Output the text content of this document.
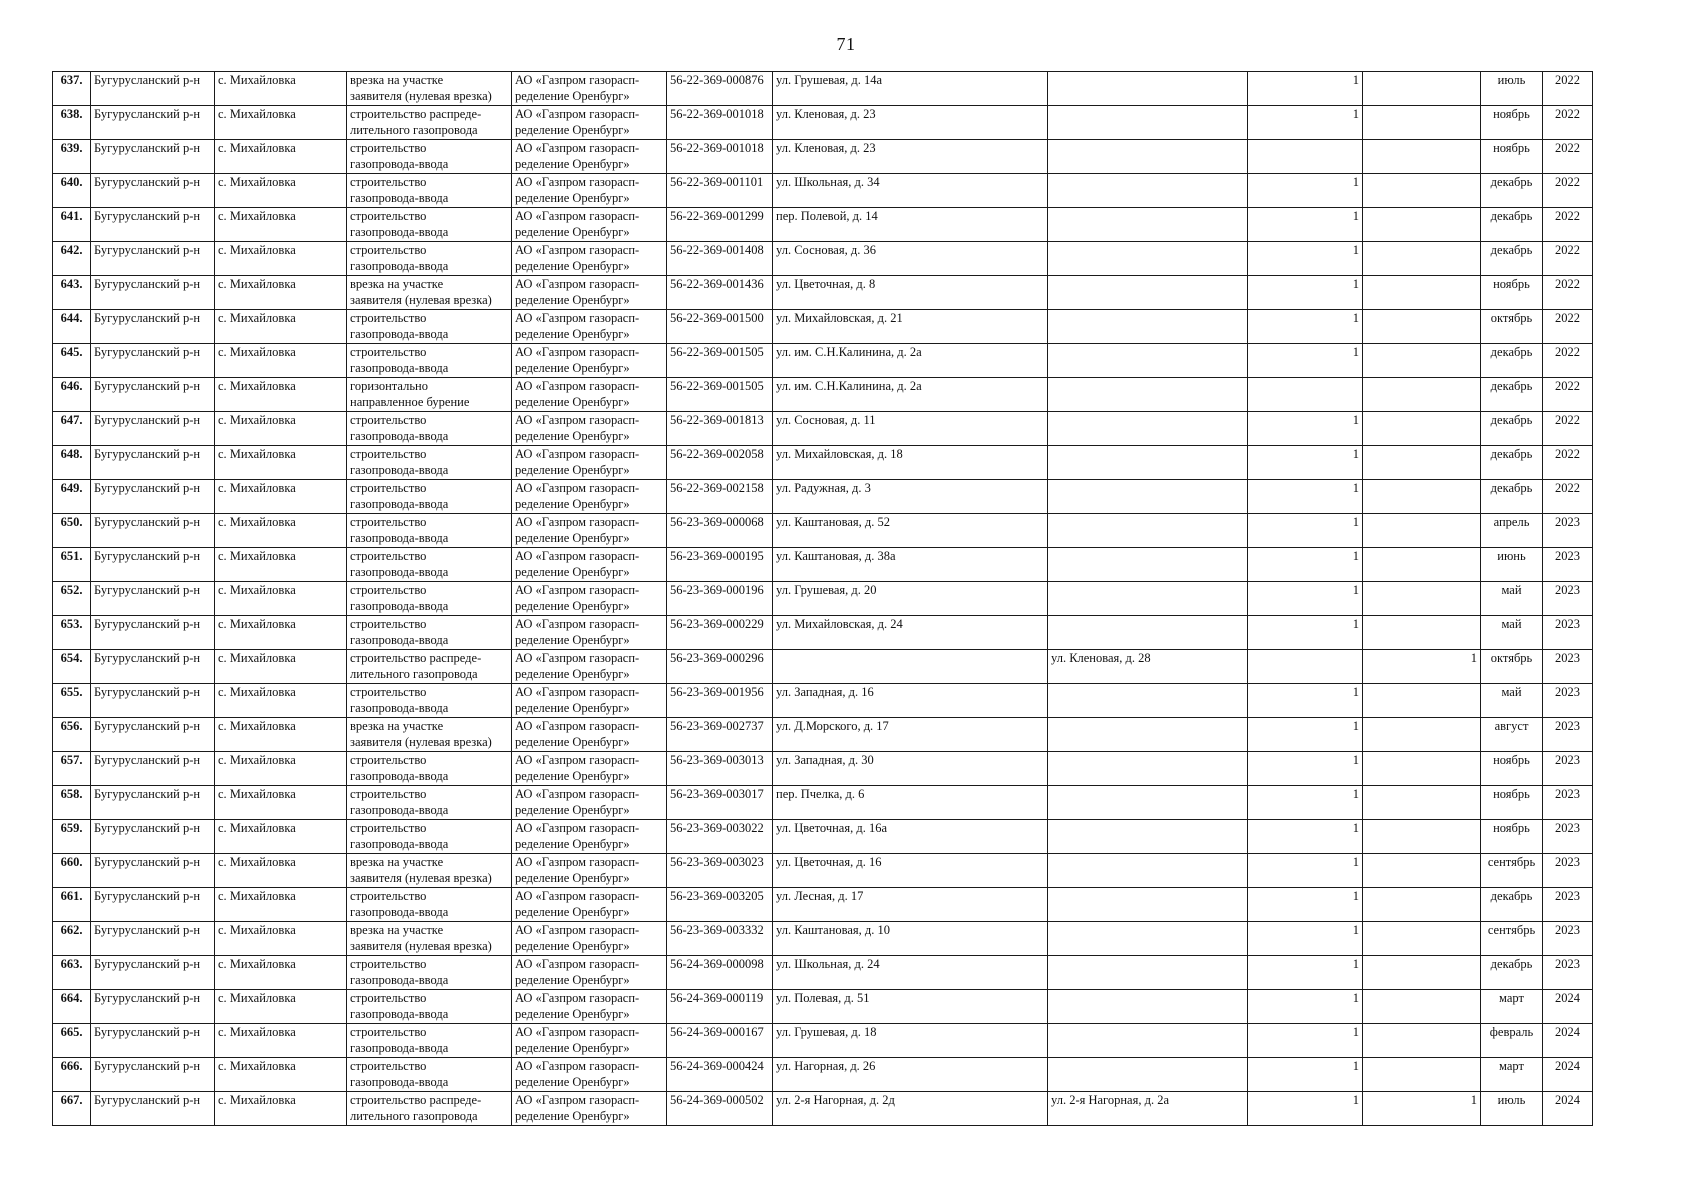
71
637.	Бугурусланский р-н	с. Михайловка	врезка на участке
заявителя (нулевая врезка)	АО «Газпром газорасп-
ределение Оренбург»	56-22-369-000876	ул. Грушевая, д. 14а		1		июль	2022
638.	Бугурусланский р-н	с. Михайловка	строительство распреде-
лительного газопровода	АО «Газпром газорасп-
ределение Оренбург»	56-22-369-001018	ул. Кленовая, д. 23		1		ноябрь	2022
639.	Бугурусланский р-н	с. Михайловка	строительство
газопровода-ввода	АО «Газпром газорасп-
ределение Оренбург»	56-22-369-001018	ул. Кленовая, д. 23				ноябрь	2022
640.	Бугурусланский р-н	с. Михайловка	строительство
газопровода-ввода	АО «Газпром газорасп-
ределение Оренбург»	56-22-369-001101	ул. Школьная, д. 34		1		декабрь	2022
641.	Бугурусланский р-н	с. Михайловка	строительство
газопровода-ввода	АО «Газпром газорасп-
ределение Оренбург»	56-22-369-001299	пер. Полевой, д. 14		1		декабрь	2022
642.	Бугурусланский р-н	с. Михайловка	строительство
газопровода-ввода	АО «Газпром газорасп-
ределение Оренбург»	56-22-369-001408	ул. Сосновая, д. 36		1		декабрь	2022
643.	Бугурусланский р-н	с. Михайловка	врезка на участке
заявителя (нулевая врезка)	АО «Газпром газорасп-
ределение Оренбург»	56-22-369-001436	ул. Цветочная, д. 8		1		ноябрь	2022
644.	Бугурусланский р-н	с. Михайловка	строительство
газопровода-ввода	АО «Газпром газорасп-
ределение Оренбург»	56-22-369-001500	ул. Михайловская, д. 21		1		октябрь	2022
645.	Бугурусланский р-н	с. Михайловка	строительство
газопровода-ввода	АО «Газпром газорасп-
ределение Оренбург»	56-22-369-001505	ул. им. С.Н.Калинина, д. 2а		1		декабрь	2022
646.	Бугурусланский р-н	с. Михайловка	горизонтально
направленное бурение	АО «Газпром газорасп-
ределение Оренбург»	56-22-369-001505	ул. им. С.Н.Калинина, д. 2а				декабрь	2022
647.	Бугурусланский р-н	с. Михайловка	строительство
газопровода-ввода	АО «Газпром газорасп-
ределение Оренбург»	56-22-369-001813	ул. Сосновая, д. 11		1		декабрь	2022
648.	Бугурусланский р-н	с. Михайловка	строительство
газопровода-ввода	АО «Газпром газорасп-
ределение Оренбург»	56-22-369-002058	ул. Михайловская, д. 18		1		декабрь	2022
649.	Бугурусланский р-н	с. Михайловка	строительство
газопровода-ввода	АО «Газпром газорасп-
ределение Оренбург»	56-22-369-002158	ул. Радужная, д. 3		1		декабрь	2022
650.	Бугурусланский р-н	с. Михайловка	строительство
газопровода-ввода	АО «Газпром газорасп-
ределение Оренбург»	56-23-369-000068	ул. Каштановая, д. 52		1		апрель	2023
651.	Бугурусланский р-н	с. Михайловка	строительство
газопровода-ввода	АО «Газпром газорасп-
ределение Оренбург»	56-23-369-000195	ул. Каштановая, д. 38а		1		июнь	2023
652.	Бугурусланский р-н	с. Михайловка	строительство
газопровода-ввода	АО «Газпром газорасп-
ределение Оренбург»	56-23-369-000196	ул. Грушевая, д. 20		1		май	2023
653.	Бугурусланский р-н	с. Михайловка	строительство
газопровода-ввода	АО «Газпром газорасп-
ределение Оренбург»	56-23-369-000229	ул. Михайловская, д. 24		1		май	2023
654.	Бугурусланский р-н	с. Михайловка	строительство распреде-
лительного газопровода	АО «Газпром газорасп-
ределение Оренбург»	56-23-369-000296		ул. Кленовая, д. 28		1	октябрь	2023
655.	Бугурусланский р-н	с. Михайловка	строительство
газопровода-ввода	АО «Газпром газорасп-
ределение Оренбург»	56-23-369-001956	ул. Западная, д. 16		1		май	2023
656.	Бугурусланский р-н	с. Михайловка	врезка на участке
заявителя (нулевая врезка)	АО «Газпром газорасп-
ределение Оренбург»	56-23-369-002737	ул. Д.Морского, д. 17		1		август	2023
657.	Бугурусланский р-н	с. Михайловка	строительство
газопровода-ввода	АО «Газпром газорасп-
ределение Оренбург»	56-23-369-003013	ул. Западная, д. 30		1		ноябрь	2023
658.	Бугурусланский р-н	с. Михайловка	строительство
газопровода-ввода	АО «Газпром газорасп-
ределение Оренбург»	56-23-369-003017	пер. Пчелка, д. 6		1		ноябрь	2023
659.	Бугурусланский р-н	с. Михайловка	строительство
газопровода-ввода	АО «Газпром газорасп-
ределение Оренбург»	56-23-369-003022	ул. Цветочная, д. 16а		1		ноябрь	2023
660.	Бугурусланский р-н	с. Михайловка	врезка на участке
заявителя (нулевая врезка)	АО «Газпром газорасп-
ределение Оренбург»	56-23-369-003023	ул. Цветочная, д. 16		1		сентябрь	2023
661.	Бугурусланский р-н	с. Михайловка	строительство
газопровода-ввода	АО «Газпром газорасп-
ределение Оренбург»	56-23-369-003205	ул. Лесная, д. 17		1		декабрь	2023
662.	Бугурусланский р-н	с. Михайловка	врезка на участке
заявителя (нулевая врезка)	АО «Газпром газорасп-
ределение Оренбург»	56-23-369-003332	ул. Каштановая, д. 10		1		сентябрь	2023
663.	Бугурусланский р-н	с. Михайловка	строительство
газопровода-ввода	АО «Газпром газорасп-
ределение Оренбург»	56-24-369-000098	ул. Школьная, д. 24		1		декабрь	2023
664.	Бугурусланский р-н	с. Михайловка	строительство
газопровода-ввода	АО «Газпром газорасп-
ределение Оренбург»	56-24-369-000119	ул. Полевая, д. 51		1		март	2024
665.	Бугурусланский р-н	с. Михайловка	строительство
газопровода-ввода	АО «Газпром газорасп-
ределение Оренбург»	56-24-369-000167	ул. Грушевая, д. 18		1		февраль	2024
666.	Бугурусланский р-н	с. Михайловка	строительство
газопровода-ввода	АО «Газпром газорасп-
ределение Оренбург»	56-24-369-000424	ул. Нагорная, д. 26		1		март	2024
667.	Бугурусланский р-н	с. Михайловка	строительство распреде-
лительного газопровода	АО «Газпром газорасп-
ределение Оренбург»	56-24-369-000502	ул. 2-я Нагорная, д. 2д	ул. 2-я Нагорная, д. 2а	1	1	июль	2024
